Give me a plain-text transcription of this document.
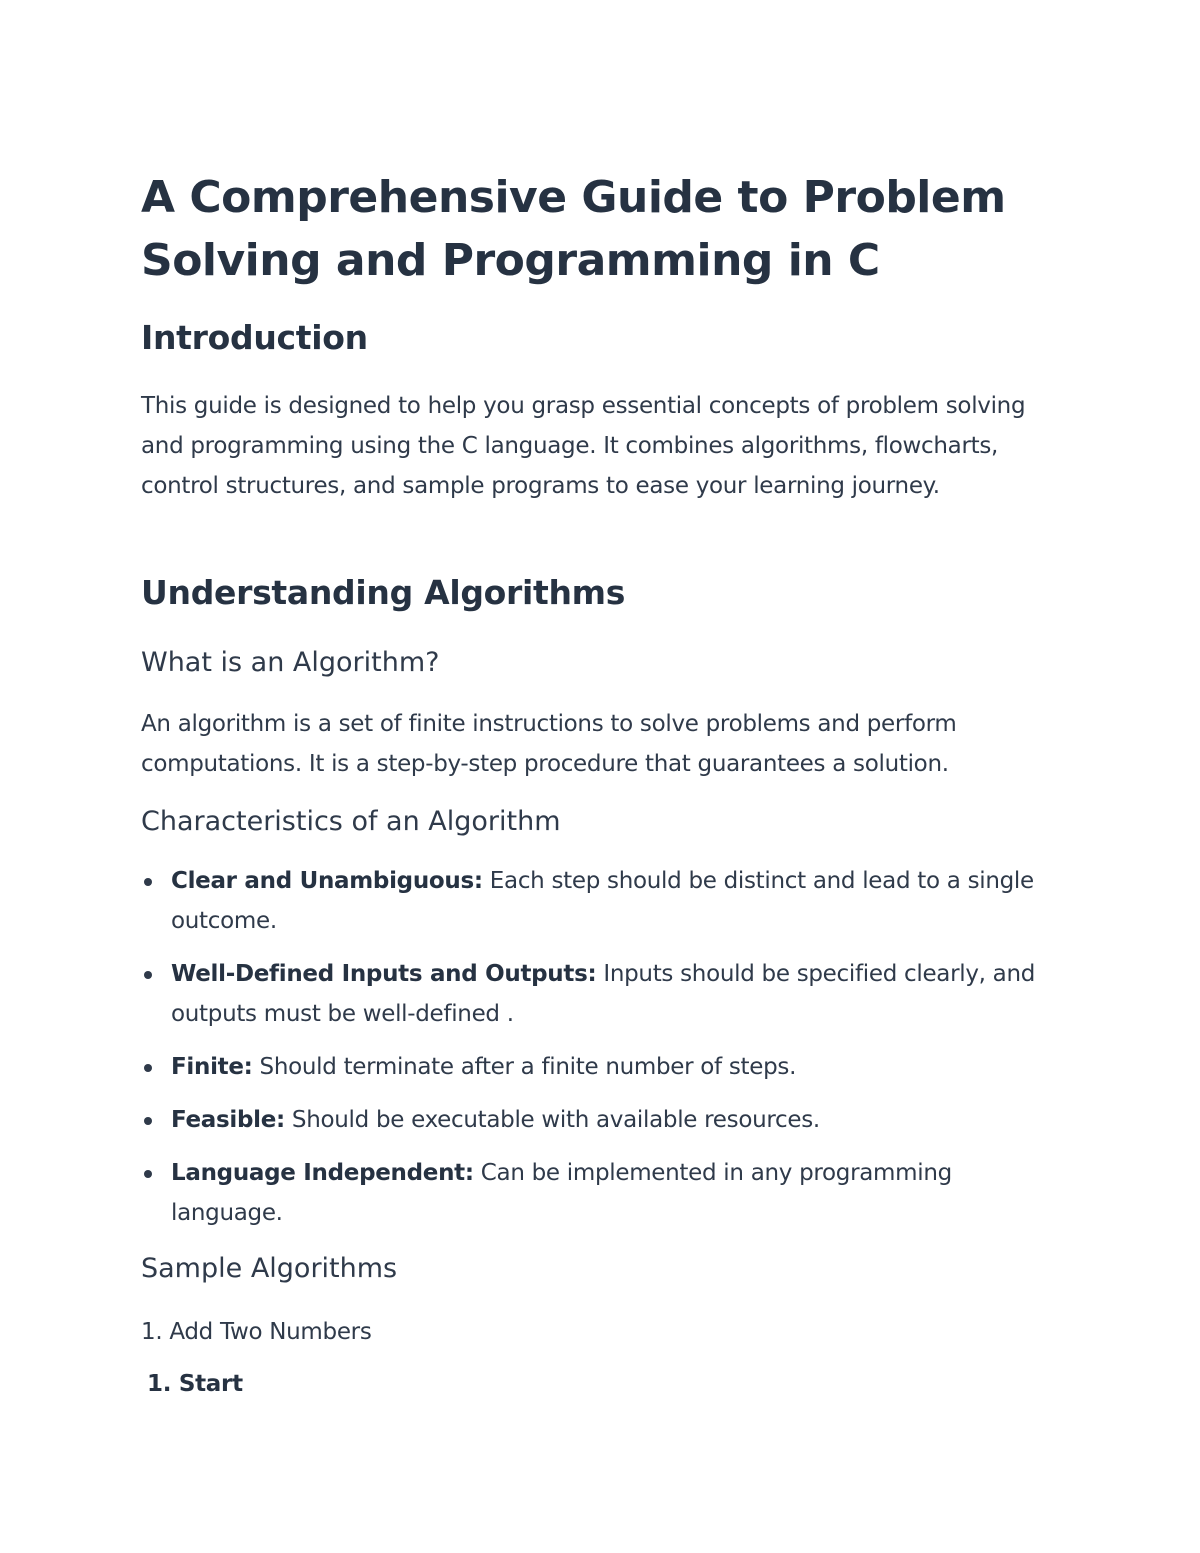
A Comprehensive Guide to Problem Solving and Programming in C
Introduction

This guide is designed to help you grasp essential concepts of problem solving and programming using the C language. It combines algorithms, flowcharts, control structures, and sample programs to ease your learning journey.

Understanding Algorithms
What is an Algorithm?

An algorithm is a set of finite instructions to solve problems and perform computations. It is a step-by-step procedure that guarantees a solution.

Characteristics of an Algorithm
Clear and Unambiguous: Each step should be distinct and lead to a single outcome.
Well-Defined Inputs and Outputs: Inputs should be specified clearly, and outputs must be well-defined .
Finite: Should terminate after a finite number of steps.
Feasible: Should be executable with available resources.
Language Independent: Can be implemented in any programming language.
Sample Algorithms
1. Add Two Numbers
1. Start
